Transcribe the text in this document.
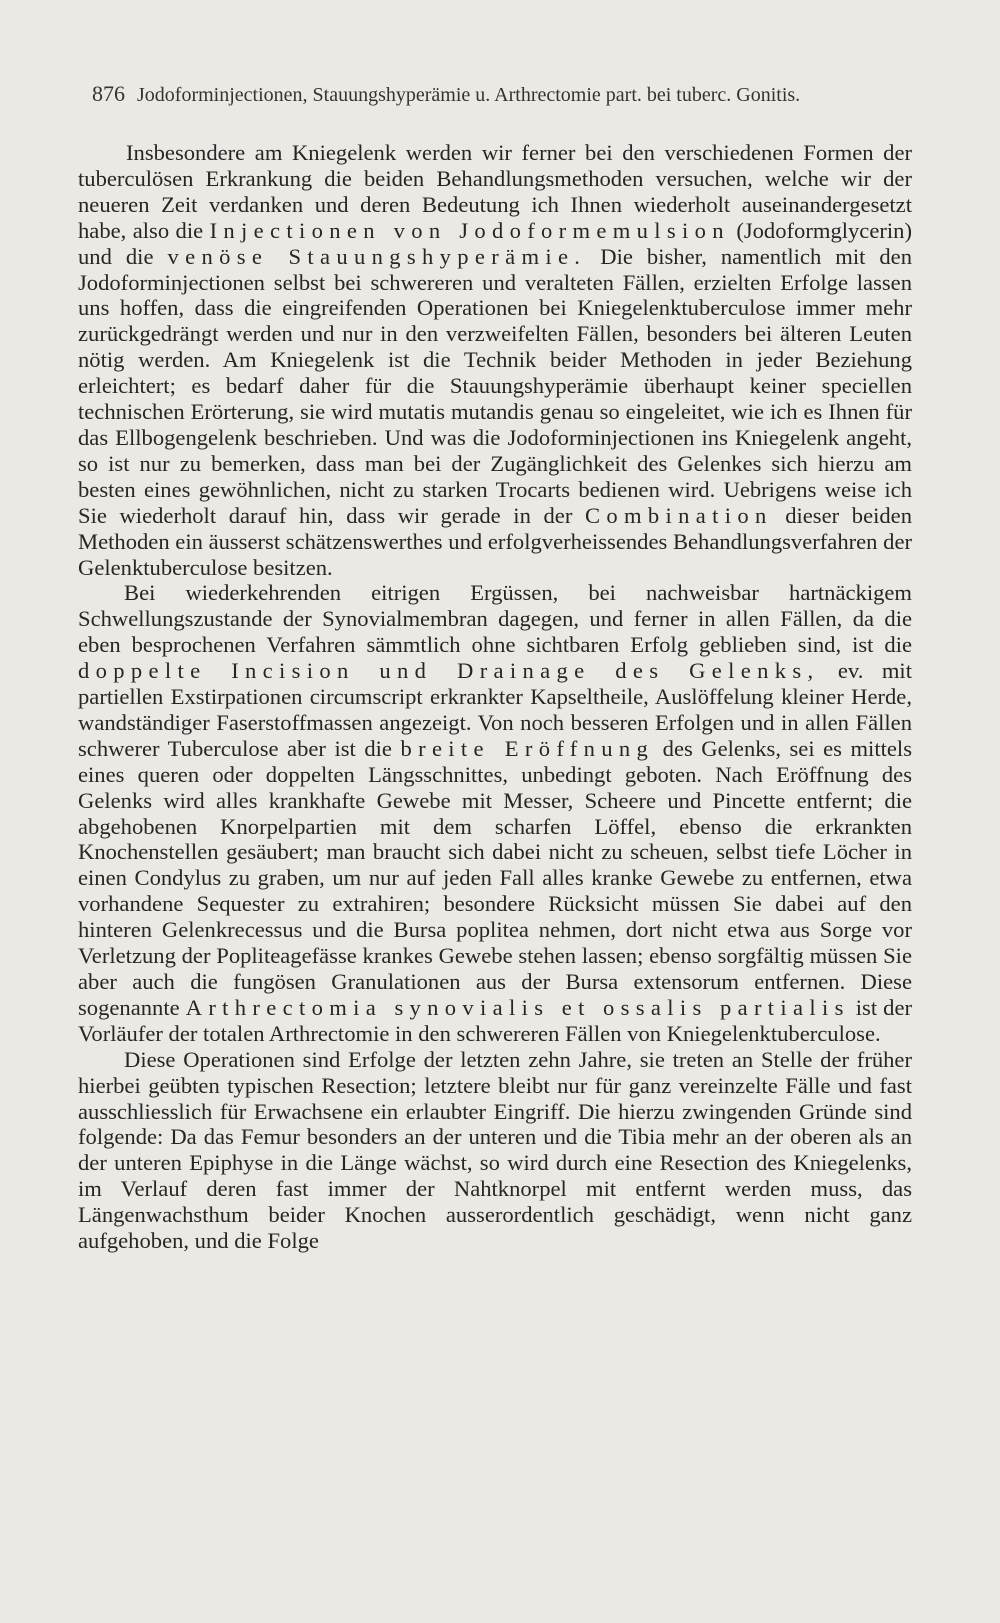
876 Jodoforminjectionen, Stauungshyperämie u. Arthrectomie part. bei tuberc. Gonitis.

Insbesondere am Kniegelenk werden wir ferner bei den verschiedenen Formen der tuberculösen Erkrankung die beiden Behandlungsmethoden versuchen, welche wir der neueren Zeit verdanken und deren Bedeutung ich Ihnen wiederholt auseinandergesetzt habe, also die Injectionen von Jodoformemulsion (Jodoformglycerin) und die venöse Stauungshyperämie. Die bisher, namentlich mit den Jodoforminjectionen selbst bei schwereren und veralteten Fällen, erzielten Erfolge lassen uns hoffen, dass die eingreifenden Operationen bei Kniegelenktuberculose immer mehr zurückgedrängt werden und nur in den verzweifelten Fällen, besonders bei älteren Leuten nötig werden. Am Kniegelenk ist die Technik beider Methoden in jeder Beziehung erleichtert; es bedarf daher für die Stauungshyperämie überhaupt keiner speciellen technischen Erörterung, sie wird mutatis mutandis genau so eingeleitet, wie ich es Ihnen für das Ellbogengelenk beschrieben. Und was die Jodoforminjectionen ins Kniegelenk angeht, so ist nur zu bemerken, dass man bei der Zugänglichkeit des Gelenkes sich hierzu am besten eines gewöhnlichen, nicht zu starken Trocarts bedienen wird. Uebrigens weise ich Sie wiederholt darauf hin, dass wir gerade in der Combination dieser beiden Methoden ein äusserst schätzenswerthes und erfolgverheissendes Behandlungsverfahren der Gelenktuberculose besitzen.

Bei wiederkehrenden eitrigen Ergüssen, bei nachweisbar hartnäckigem Schwellungszustande der Synovialmembran dagegen, und ferner in allen Fällen, da die eben besprochenen Verfahren sämmtlich ohne sichtbaren Erfolg geblieben sind, ist die doppelte Incision und Drainage des Gelenks, ev. mit partiellen Exstirpationen circumscript erkrankter Kapseltheile, Auslöffelung kleiner Herde, wandständiger Faserstoffmassen angezeigt. Von noch besseren Erfolgen und in allen Fällen schwerer Tuberculose aber ist die breite Eröffnung des Gelenks, sei es mittels eines queren oder doppelten Längsschnittes, unbedingt geboten. Nach Eröffnung des Gelenks wird alles krankhafte Gewebe mit Messer, Scheere und Pincette entfernt; die abgehobenen Knorpelpartien mit dem scharfen Löffel, ebenso die erkrankten Knochenstellen gesäubert; man braucht sich dabei nicht zu scheuen, selbst tiefe Löcher in einen Condylus zu graben, um nur auf jeden Fall alles kranke Gewebe zu entfernen, etwa vorhandene Sequester zu extrahiren; besondere Rücksicht müssen Sie dabei auf den hinteren Gelenkrecessus und die Bursa poplitea nehmen, dort nicht etwa aus Sorge vor Verletzung der Popliteagefässe krankes Gewebe stehen lassen; ebenso sorgfältig müssen Sie aber auch die fungösen Granulationen aus der Bursa extensorum entfernen. Diese sogenannte Arthrectomia synovialis et ossalis partialis ist der Vorläufer der totalen Arthrectomie in den schwereren Fällen von Kniegelenktuberculose.

Diese Operationen sind Erfolge der letzten zehn Jahre, sie treten an Stelle der früher hierbei geübten typischen Resection; letztere bleibt nur für ganz vereinzelte Fälle und fast ausschliesslich für Erwachsene ein erlaubter Eingriff. Die hierzu zwingenden Gründe sind folgende: Da das Femur besonders an der unteren und die Tibia mehr an der oberen als an der unteren Epiphyse in die Länge wächst, so wird durch eine Resection des Kniegelenks, im Verlauf deren fast immer der Nahtknorpel mit entfernt werden muss, das Längenwachsthum beider Knochen ausserordentlich geschädigt, wenn nicht ganz aufgehoben, und die Folge
